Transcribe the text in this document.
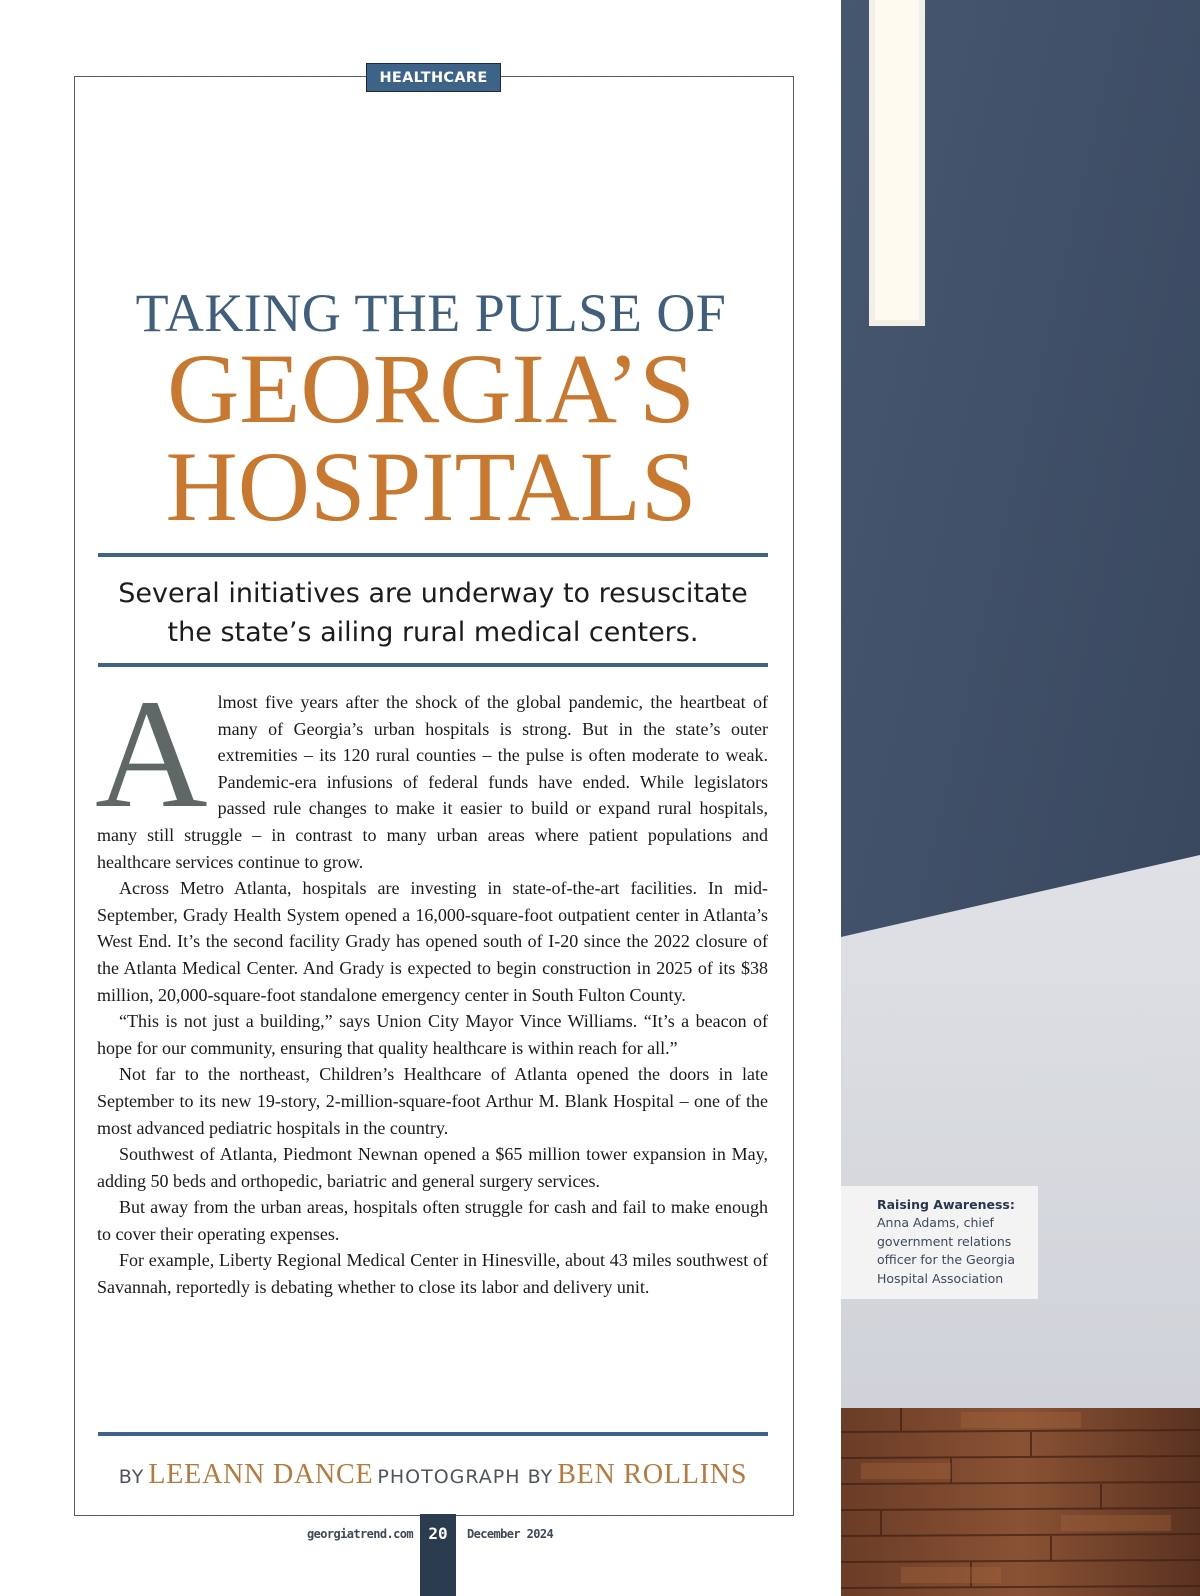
Raising Awareness:
Anna Adams, chief government relations officer for the Georgia Hospital Association
HEALTHCARE
TAKING THE PULSE OF
GEORGIA’S
HOSPITALS
Several initiatives are underway to resuscitate
the state’s ailing rural medical centers.

Almost five years after the shock of the global pandemic, the heartbeat of many of Georgia’s urban hospitals is strong. But in the state’s outer extremities – its 120 rural counties – the pulse is often moderate to weak. Pandemic-era infusions of federal funds have ended. While legislators passed rule changes to make it easier to build or expand rural hospitals, many still struggle – in contrast to many urban areas where patient populations and healthcare services continue to grow.

Across Metro Atlanta, hospitals are investing in state-of-the-art facilities. In mid-September, Grady Health System opened a 16,000-square-foot outpatient center in Atlanta’s West End. It’s the second facility Grady has opened south of I-20 since the 2022 closure of the Atlanta Medical Center. And Grady is expected to begin construction in 2025 of its $38 million, 20,000-square-foot standalone emergency center in South Fulton County.

“This is not just a building,” says Union City Mayor Vince Williams. “It’s a beacon of hope for our community, ensuring that quality healthcare is within reach for all.”

Not far to the northeast, Children’s Healthcare of Atlanta opened the doors in late September to its new 19-story, 2-million-square-foot Arthur M. Blank Hospital – one of the most advanced pediatric hospitals in the country.

Southwest of Atlanta, Piedmont Newnan opened a $65 million tower expansion in May, adding 50 beds and orthopedic, bariatric and general surgery services.

But away from the urban areas, hospitals often struggle for cash and fail to make enough to cover their operating expenses.

For example, Liberty Regional Medical Center in Hinesville, about 43 miles southwest of Savannah, reportedly is debating whether to close its labor and delivery unit.

BY LEEANN DANCE PHOTOGRAPH BY BEN ROLLINS
georgiatrend.com 20	December 2024
